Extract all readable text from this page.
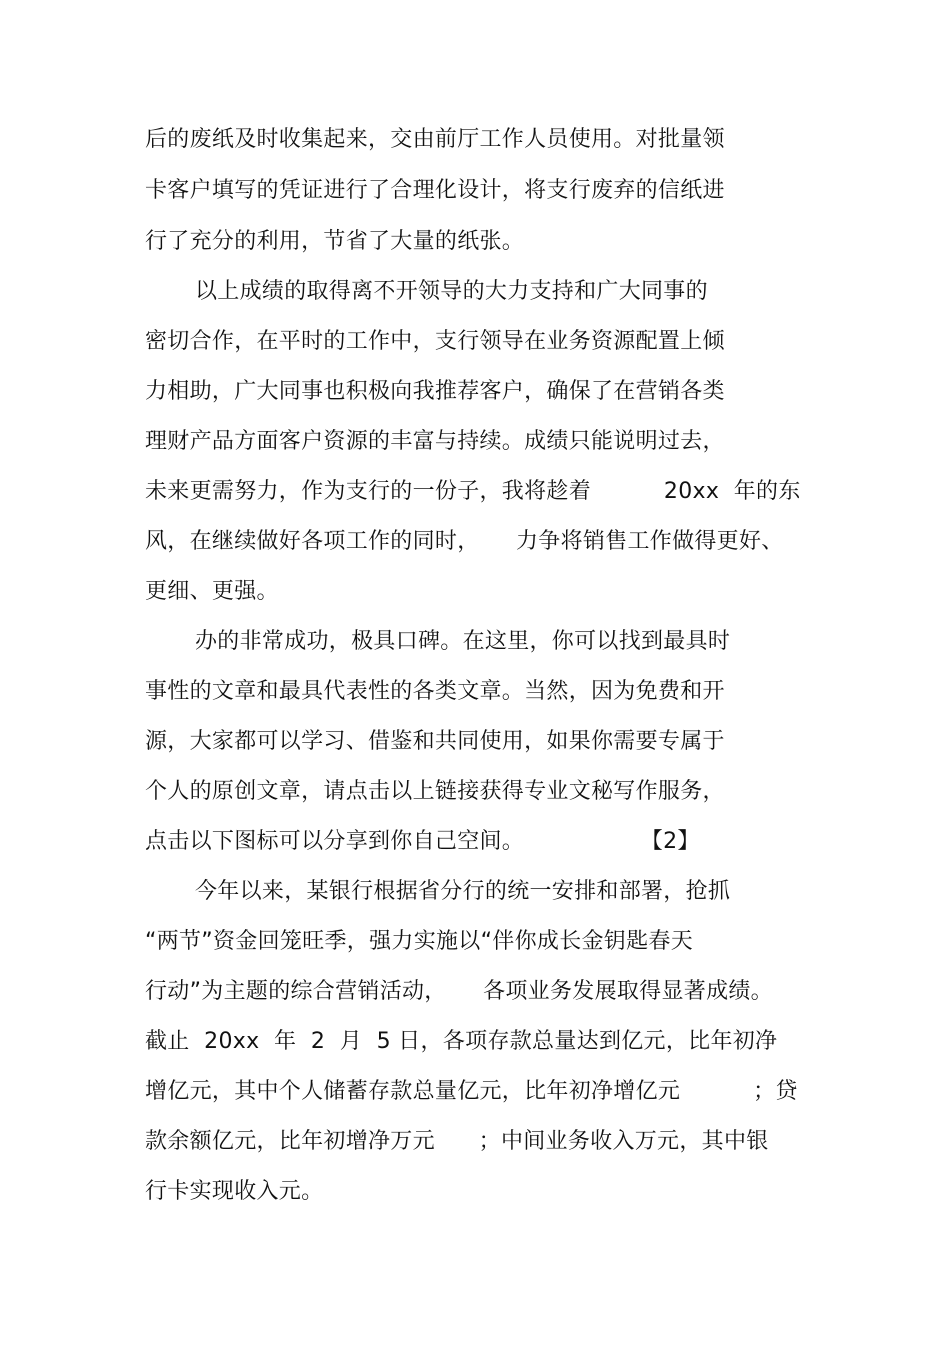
后的废纸及时收集起来，交由前厅工作人员使用。对批量领
卡客户填写的凭证进行了合理化设计，将支行废弃的信纸进
行了充分的利用，节省了大量的纸张。
以上成绩的取得离不开领导的大力支持和广大同事的
密切合作，在平时的工作中，支行领导在业务资源配置上倾
力相助，广大同事也积极向我推荐客户，确保了在营销各类
理财产品方面客户资源的丰富与持续。成绩只能说明过去，
未来更需努力，作为支行的一份子，我将趁着          20xx  年的东
风，在继续做好各项工作的同时，     力争将销售工作做得更好、
更细、更强。
办的非常成功，极具口碑。在这里，你可以找到最具时
事性的文章和最具代表性的各类文章。当然，因为免费和开
源，大家都可以学习、借鉴和共同使用，如果你需要专属于
个人的原创文章，请点击以上链接获得专业文秘写作服务，
点击以下图标可以分享到你自己空间。                【2】
今年以来，某银行根据省分行的统一安排和部署，抢抓
“两节”资金回笼旺季，强力实施以“伴你成长金钥匙春天
行动”为主题的综合营销活动，     各项业务发展取得显著成绩。
截止  20xx  年  2  月  5 日，各项存款总量达到亿元，比年初净
增亿元，其中个人储蓄存款总量亿元，比年初净增亿元          ；贷
款余额亿元，比年初增净万元      ；中间业务收入万元，其中银
行卡实现收入元。
